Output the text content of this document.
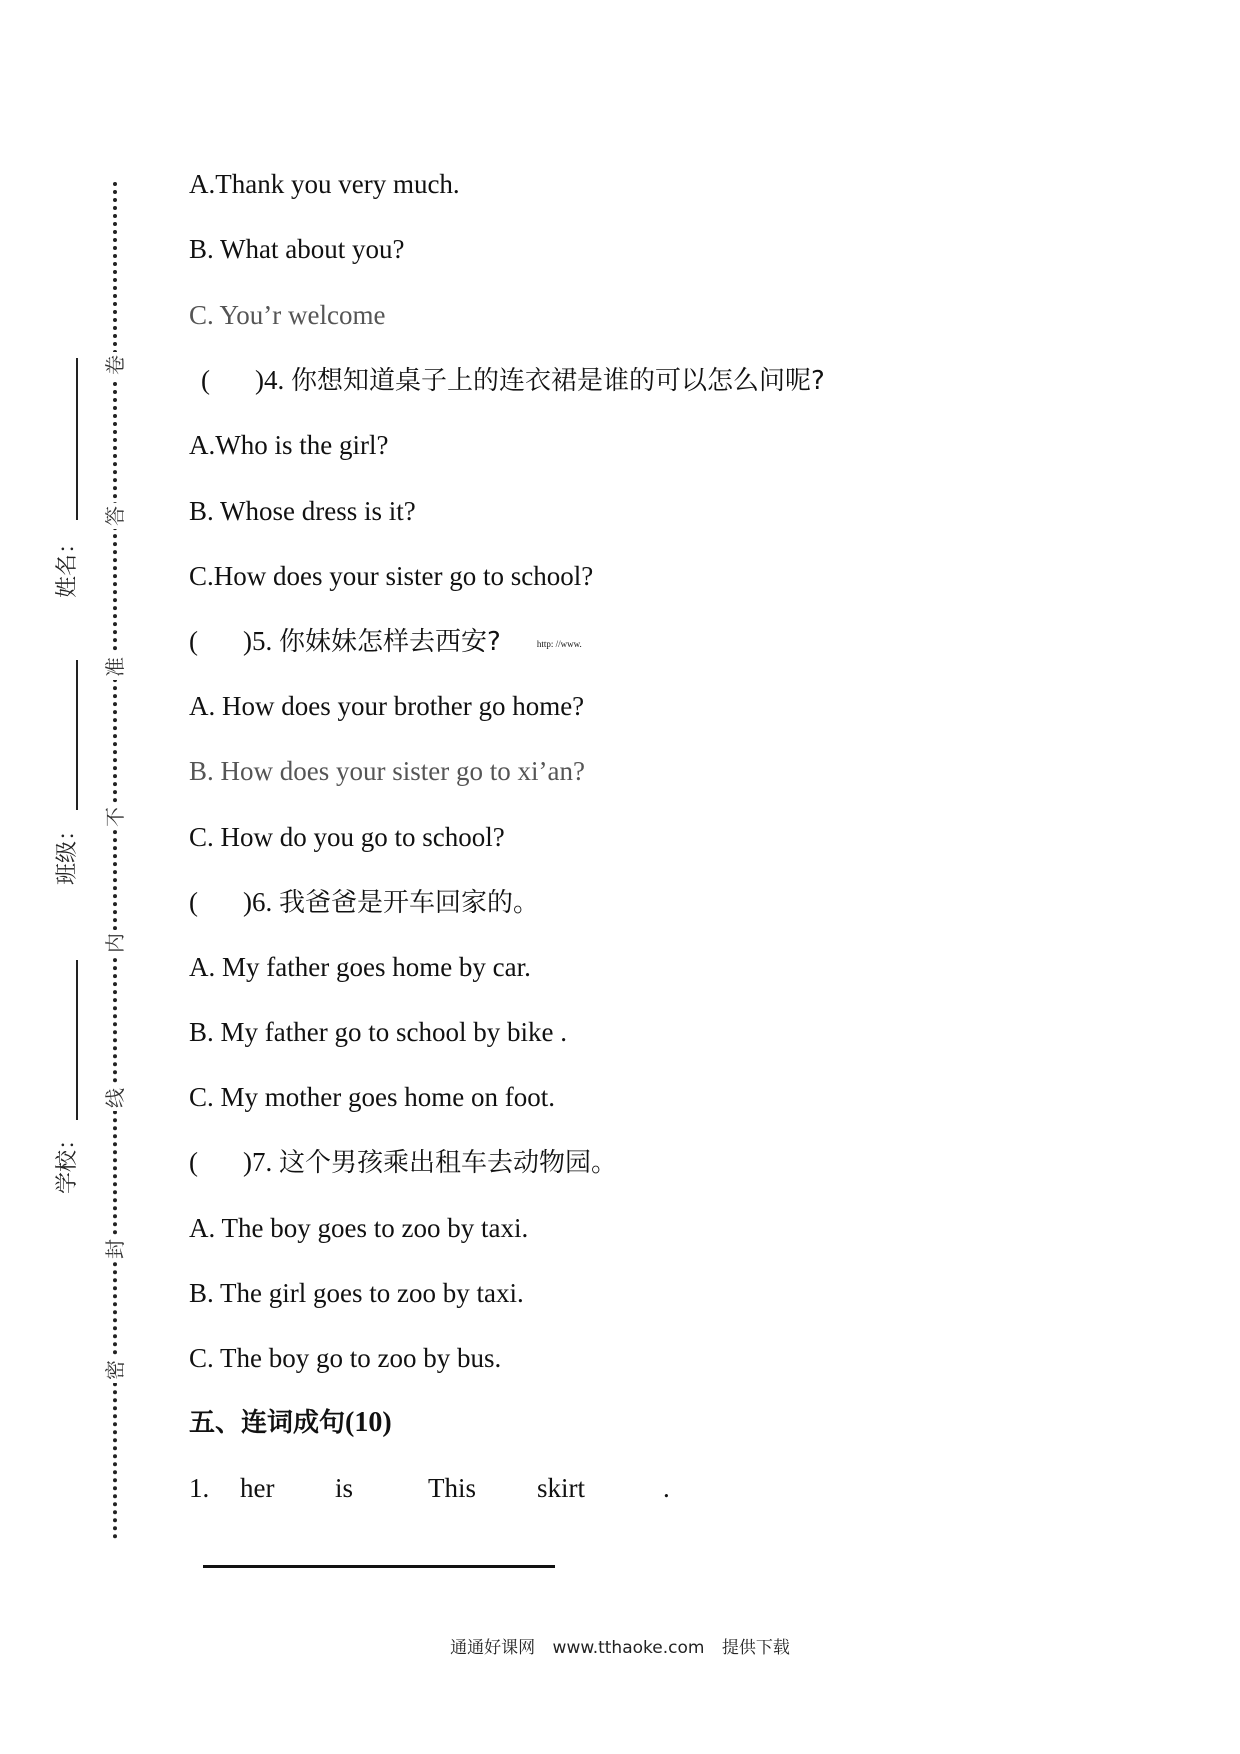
卷
答
准
不
内
线
封
密
姓名：
班级：
学校：
A.Thank you very much.
B. What about you?
C. You’r welcome
( )4. 你想知道桌子上的连衣裙是谁的可以怎么问呢?
A.Who is the girl?
B. Whose dress is it?
C.How does your sister go to school?
( )5. 你妹妹怎样去西安?	http: //www.
A. How does your brother go home?
B. How does your sister go to xi’an?
C. How do you go to school?
( )6. 我爸爸是开车回家的。
A. My father goes home by car.
B. My father go to school by bike .
C. My mother goes home on foot.
( )7. 这个男孩乘出租车去动物园。
A. The boy goes to zoo by taxi.
B. The girl goes to zoo by taxi.
C. The boy go to zoo by bus.
五、连词成句(10)
1. her is	This skirt	.
通通好课网 www.tthaoke.com 提供下载
